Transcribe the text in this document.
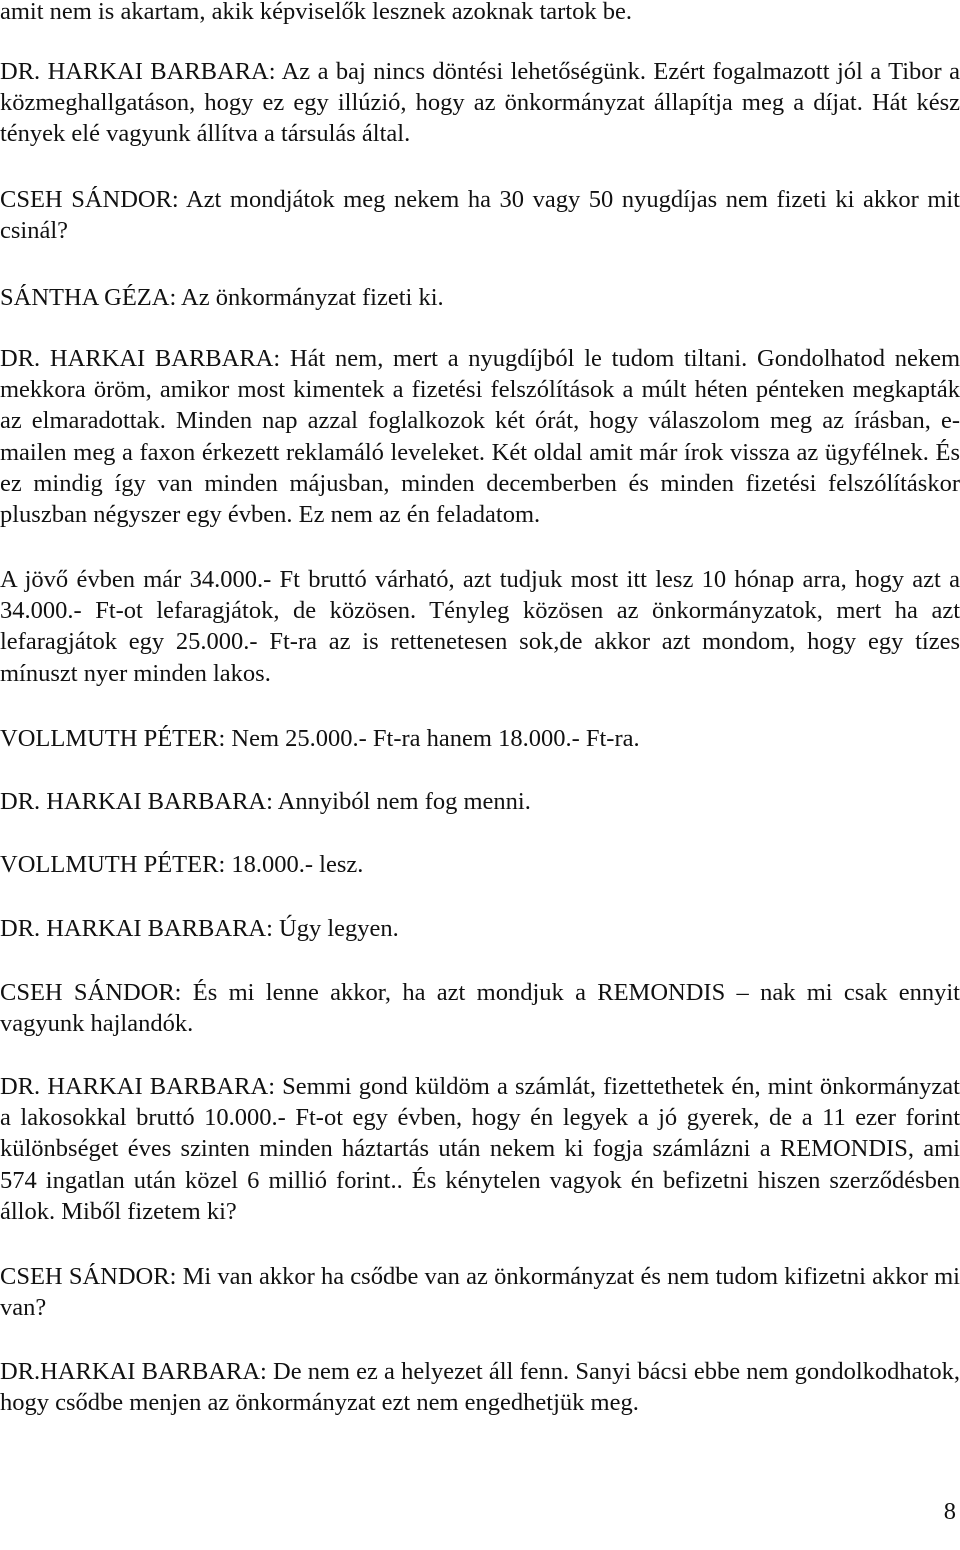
amit nem is akartam, akik képviselők lesznek azoknak tartok be.

DR. HARKAI BARBARA: Az a baj nincs döntési lehetőségünk. Ezért fogalmazott jól a Tibor a közmeghallgatáson, hogy ez egy illúzió, hogy az önkormányzat állapítja meg a díjat. Hát kész tények elé vagyunk állítva a társulás által.

CSEH SÁNDOR: Azt mondjátok meg nekem ha 30 vagy 50 nyugdíjas nem fizeti ki akkor mit csinál?

SÁNTHA GÉZA: Az önkormányzat fizeti ki.

DR. HARKAI BARBARA: Hát nem, mert a nyugdíjból le tudom tiltani. Gondolhatod nekem mekkora öröm, amikor most kimentek a fizetési felszólítások a múlt héten pénteken megkapták az elmaradottak. Minden nap azzal foglalkozok két órát, hogy válaszolom meg az írásban, e-mailen meg a faxon érkezett reklamáló leveleket. Két oldal amit már írok vissza az ügyfélnek. És ez mindig így van minden májusban, minden decemberben és minden fizetési felszólításkor pluszban négyszer egy évben. Ez nem az én feladatom.

A jövő évben már 34.000.- Ft bruttó várható, azt tudjuk most itt lesz 10 hónap arra, hogy azt a 34.000.- Ft-ot lefaragjátok, de közösen. Tényleg közösen az önkormányzatok, mert ha azt lefaragjátok egy 25.000.- Ft-ra az is rettenetesen sok,de akkor azt mondom, hogy egy tízes mínuszt nyer minden lakos.

VOLLMUTH PÉTER: Nem 25.000.- Ft-ra hanem 18.000.- Ft-ra.

DR. HARKAI BARBARA: Annyiból nem fog menni.

VOLLMUTH PÉTER: 18.000.- lesz.

DR. HARKAI BARBARA: Úgy legyen.

CSEH SÁNDOR: És mi lenne akkor, ha azt mondjuk a REMONDIS – nak mi csak ennyit vagyunk hajlandók.

DR. HARKAI BARBARA: Semmi gond küldöm a számlát, fizettethetek én, mint önkormányzat a lakosokkal bruttó 10.000.- Ft-ot egy évben, hogy én legyek a jó gyerek, de a 11 ezer forint különbséget éves szinten minden háztartás után nekem ki fogja számlázni a REMONDIS, ami 574 ingatlan után közel 6 millió forint.. És kénytelen vagyok én befizetni hiszen szerződésben állok. Miből fizetem ki?

CSEH SÁNDOR: Mi van akkor ha csődbe van az önkormányzat és nem tudom kifizetni akkor mi van?

DR.HARKAI BARBARA: De nem ez a helyezet áll fenn. Sanyi bácsi ebbe nem gondolkodhatok, hogy csődbe menjen az önkormányzat ezt nem engedhetjük meg.

8
